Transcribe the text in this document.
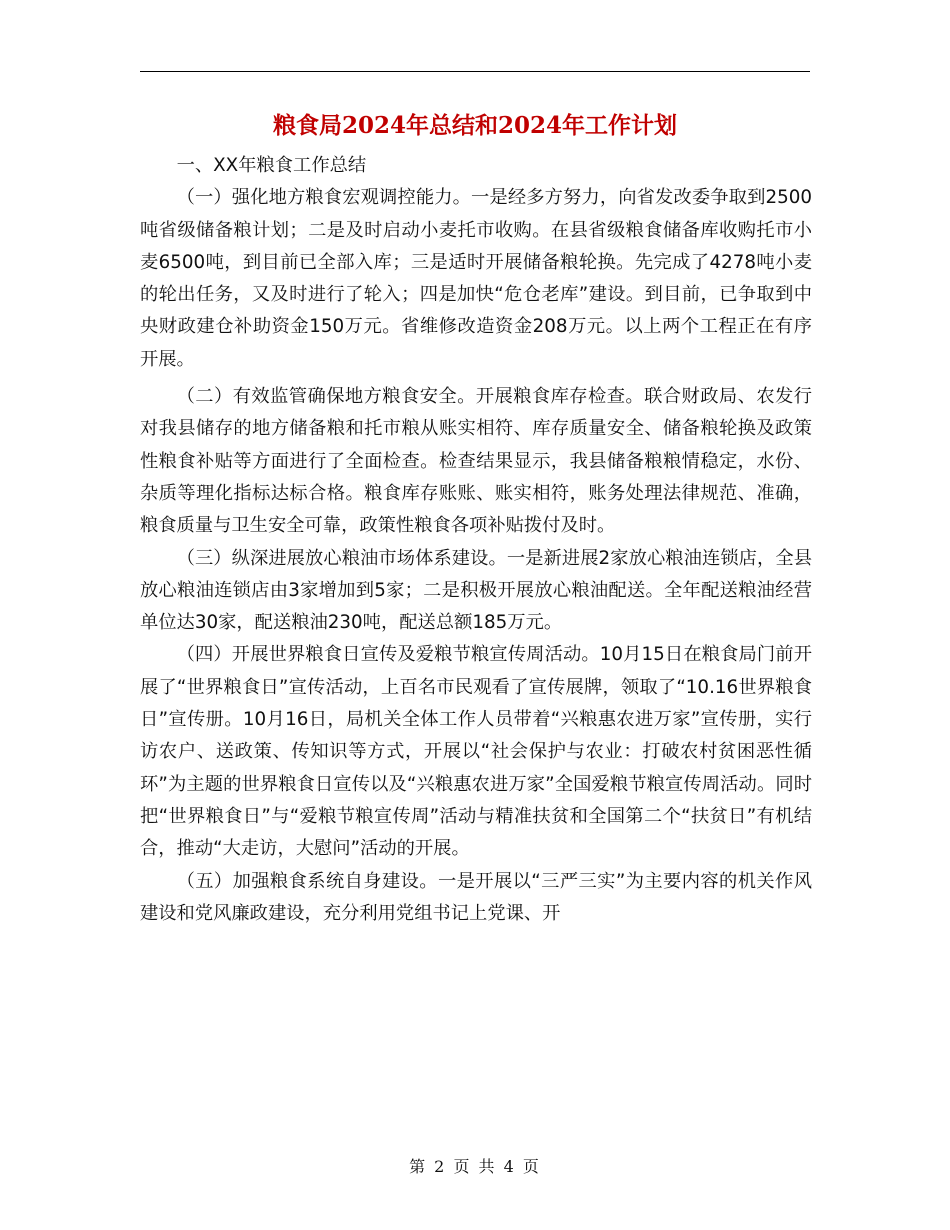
粮食局2024年总结和2024年工作计划

一、XX年粮食工作总结

（一）强化地方粮食宏观调控能力。一是经多方努力，向省发改委争取到2500吨省级储备粮计划；二是及时启动小麦托市收购。在县省级粮食储备库收购托市小麦6500吨，到目前已全部入库；三是适时开展储备粮轮换。先完成了4278吨小麦的轮出任务，又及时进行了轮入；四是加快“危仓老库”建设。到目前，已争取到中央财政建仓补助资金150万元。省维修改造资金208万元。以上两个工程正在有序开展。

（二）有效监管确保地方粮食安全。开展粮食库存检查。联合财政局、农发行对我县储存的地方储备粮和托市粮从账实相符、库存质量安全、储备粮轮换及政策性粮食补贴等方面进行了全面检查。检查结果显示，我县储备粮粮情稳定，水份、杂质等理化指标达标合格。粮食库存账账、账实相符，账务处理法律规范、准确，粮食质量与卫生安全可靠，政策性粮食各项补贴拨付及时。

（三）纵深进展放心粮油市场体系建设。一是新进展2家放心粮油连锁店，全县放心粮油连锁店由3家增加到5家；二是积极开展放心粮油配送。全年配送粮油经营单位达30家，配送粮油230吨，配送总额185万元。

（四）开展世界粮食日宣传及爱粮节粮宣传周活动。10月15日在粮食局门前开展了“世界粮食日”宣传活动，上百名市民观看了宣传展牌，领取了“10.16世界粮食日”宣传册。10月16日，局机关全体工作人员带着“兴粮惠农进万家”宣传册，实行访农户、送政策、传知识等方式，开展以“社会保护与农业：打破农村贫困恶性循环”为主题的世界粮食日宣传以及“兴粮惠农进万家”全国爱粮节粮宣传周活动。同时把“世界粮食日”与“爱粮节粮宣传周”活动与精准扶贫和全国第二个“扶贫日”有机结合，推动“大走访，大慰问”活动的开展。

（五）加强粮食系统自身建设。一是开展以“三严三实”为主要内容的机关作风建设和党风廉政建设，充分利用党组书记上党课、开

第 2 页 共 4 页
